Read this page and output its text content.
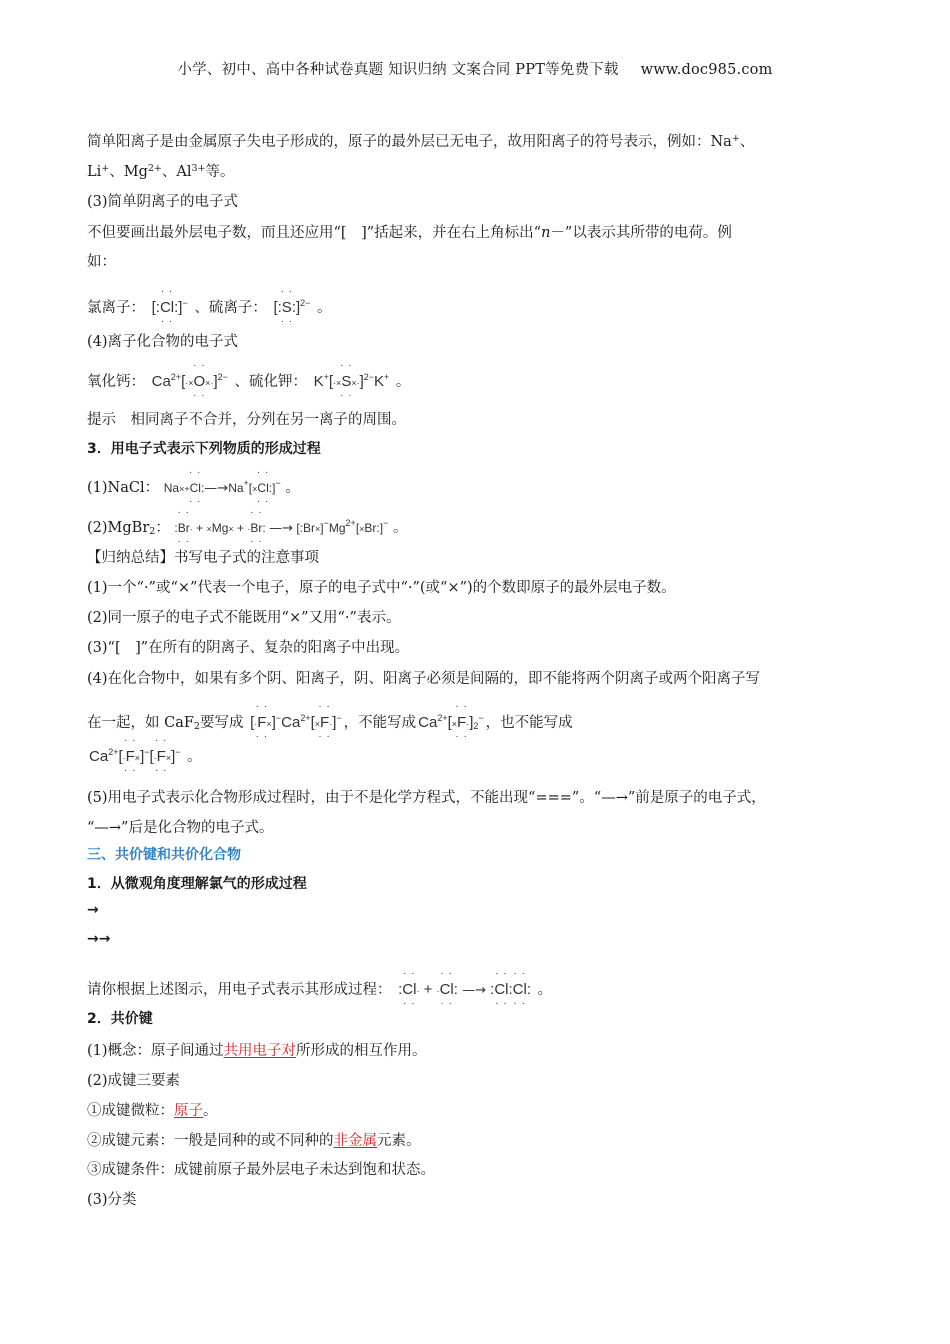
小学、初中、高中各种试卷真题 知识归纳 文案合同 PPT等免费下载 www.doc985.com
简单阳离子是由金属原子失电子形成的，原子的最外层已无电子，故用阳离子的符号表示，例如：Na+、
Li+、$Mg^{2+}$、$Al^{3+}$等。
(3)简单阴离子的电子式
不但要画出最外层电子数，而且还应用“[　]”括起来，并在右上角标出“n－”以表示其所带的电荷。例
如：
氯离子： [:
· ·
Cl
· ·
:]− 、硫离子： [:
· ·
S
· ·
:]$^{2-}$ 。
(4)离子化合物的电子式
氧化钙： $Ca^{2+}[\cdot\times$
· ·
O
· ·
×·]$^{2-}$ 、硫化钾： K+[·×
· ·
S
· ·
×·]$^{2-}$K+ 。
提示　相同离子不合并，分列在另一离子的周围。
3．用电子式表示下列物质的形成过程
(1)NaCl： Na×+
· ·
Cl
· ·
:—→Na+[×
· ·
Cl
· ·
:]− 。
(2)MgBr$_2$： :
· ·
Br
· ·
· + ×Mg× + ·
· ·
Br
· ·
: —→ $[:Br\times]^-Mg^{2+}[\times Br:]^-$ 。
【归纳总结】书写电子式的注意事项
(1)一个“·”或“×”代表一个电子，原子的电子式中“·”(或“×”)的个数即原子的最外层电子数。
(2)同一原子的电子式不能既用“×”又用“·”表示。
(3)“[　]”在所有的阴离子、复杂的阳离子中出现。
(4)在化合物中，如果有多个阴、阳离子，阴、阳离子必须是间隔的，即不能将两个阴离子或两个阳离子写
在一起，如 CaF$_2$要写成 [·
· ·
F
· ·
$\times]^-Ca^{2+}[\times$
· ·
F
· ·
·]− ，不能写成 $Ca^{2+}[\times$
· ·
F
· ·
$\cdot]_2^-$ ，也不能写成
$Ca^{2+}[\cdot$
· ·
F
· ·
×]−[·
· ·
F
· ·
×]− 。
(5)用电子式表示化合物形成过程时，由于不是化学方程式，不能出现“===”。“—→”前是原子的电子式，
“—→”后是化合物的电子式。
三、共价键和共价化合物
1．从微观角度理解氯气的形成过程
→
→→
请你根据上述图示，用电子式表示其形成过程： :
· ·
Cl
· ·
· + ·
· ·
Cl
· ·
: —→ :
· ·
Cl
· ·
:
· ·
Cl
· ·
: 。
2．共价键
(1)概念：原子间通过共用电子对所形成的相互作用。
(2)成键三要素
①成键微粒：原子。
②成键元素：一般是同种的或不同种的非金属元素。
③成键条件：成键前原子最外层电子未达到饱和状态。
(3)分类
